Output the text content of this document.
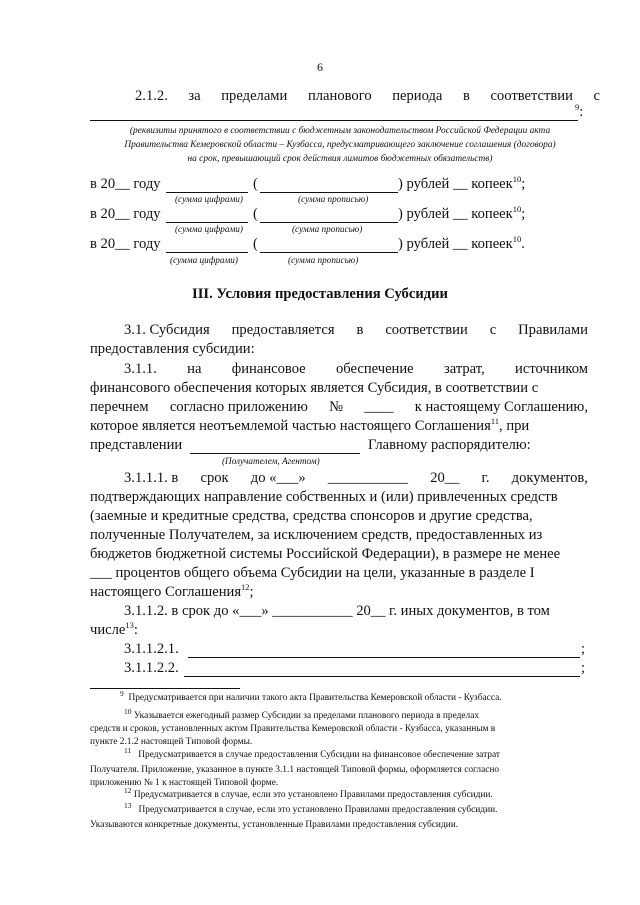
6
2.1.2. за пределами планового периода в соответствии с
$^9$:
(реквизиты принятого в соответствии с бюджетным законодательством Российской Федерации акта
Правительства Кемеровской области – Кузбасса, предусматривающего заключение соглашения (договора)
на срок, превышающий срок действия лимитов бюджетных обязательств)
в 20__ году	(	) рублей __ копеек$^{10}$;
(сумма цифрами)	(сумма прописью)
в 20__ году	(	) рублей __ копеек$^{10}$;
(сумма цифрами)	(сумма прописью)
в 20__ году	(	) рублей __ копеек$^{10}$.
(сумма цифрами)	(сумма прописью)
III. Условия предоставления Субсидии
3.1. Субсидия предоставляется в соответствии с Правилами
предоставления субсидии:
3.1.1. на финансовое обеспечение затрат, источником
финансового обеспечения которых является Субсидия, в соответствии с
перечнем согласно приложению № ____ к настоящему Соглашению,
которое является неотъемлемой частью настоящего Соглашения$^{11}$, при
представлении	Главному распорядителю:
(Получателем, Агентом)
3.1.1.1. в срок до «___» ___________ 20__ г. документов,
подтверждающих направление собственных и (или) привлеченных средств
(заемные и кредитные средства, средства спонсоров и другие средства,
полученные Получателем, за исключением средств, предоставленных из
бюджетов бюджетной системы Российской Федерации), в размере не менее
___ процентов общего объема Субсидии на цели, указанные в разделе I
настоящего Соглашения$^{12}$;
3.1.1.2. в срок до «___» ___________ 20__ г. иных документов, в том
числе$^{13}$:
3.1.1.2.1.	;
3.1.1.2.2.	;
$^9$ Предусматривается при наличии такого акта Правительства Кемеровской области - Кузбасса.
$^{10}$ Указывается ежегодный размер Субсидии за пределами планового периода в пределах
средств и сроков, установленных актом Правительства Кемеровской области - Кузбасса, указанным в
пункте 2.1.2 настоящей Типовой формы.
$^{11}$ Предусматривается в случае предоставления Субсидии на финансовое обеспечение затрат
Получателя. Приложение, указанное в пункте 3.1.1 настоящей Типовой формы, оформляется согласно
приложению № 1 к настоящей Типовой форме.
$^{12}$ Предусматривается в случае, если это установлено Правилами предоставления субсидии.
$^{13}$ Предусматривается в случае, если это установлено Правилами предоставления субсидии.
Указываются конкретные документы, установленные Правилами предоставления субсидии.
